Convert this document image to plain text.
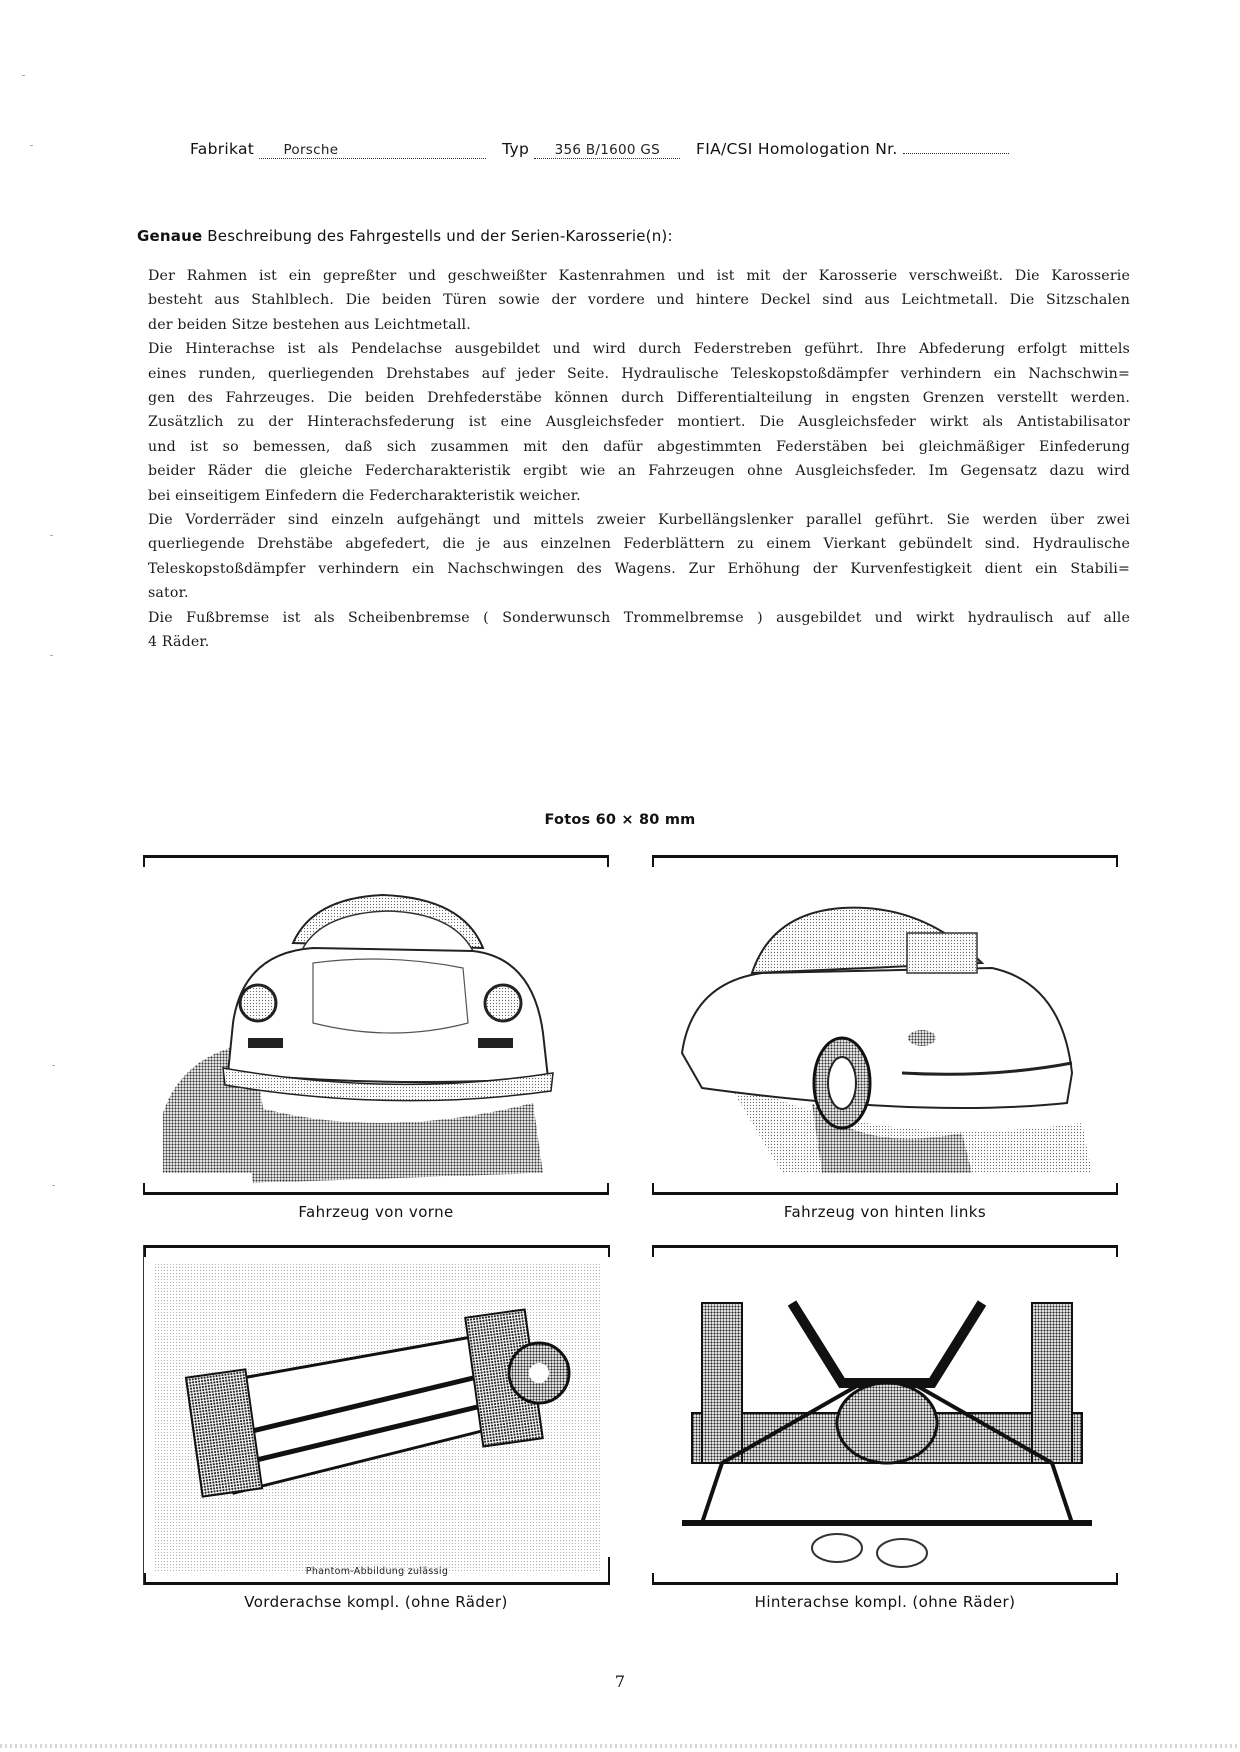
Fabrikat Porsche	Typ 356 B/1600 GS FIA/CSI Homologation Nr.
Genaue Beschreibung des Fahrgestells und der Serien-Karosserie(n):
Der Rahmen ist ein gepreßter und geschweißter Kastenrahmen und ist mit der Karosserie verschweißt. Die Karosserie
besteht aus Stahlblech. Die beiden Türen sowie der vordere und hintere Deckel sind aus Leichtmetall. Die Sitzschalen
der beiden Sitze bestehen aus Leichtmetall.
Die Hinterachse ist als Pendelachse ausgebildet und wird durch Federstreben geführt. Ihre Abfederung erfolgt mittels
eines runden, querliegenden Drehstabes auf jeder Seite. Hydraulische Teleskopstoßdämpfer verhindern ein Nachschwin=
gen des Fahrzeuges. Die beiden Drehfederstäbe können durch Differentialteilung in engsten Grenzen verstellt werden.
Zusätzlich zu der Hinterachsfederung ist eine Ausgleichsfeder montiert. Die Ausgleichsfeder wirkt als Antistabilisator
und ist so bemessen, daß sich zusammen mit den dafür abgestimmten Federstäben bei gleichmäßiger Einfederung
beider Räder die gleiche Federcharakteristik ergibt wie an Fahrzeugen ohne Ausgleichsfeder. Im Gegensatz dazu wird
bei einseitigem Einfedern die Federcharakteristik weicher.
Die Vorderräder sind einzeln aufgehängt und mittels zweier Kurbellängslenker parallel geführt. Sie werden über zwei
querliegende Drehstäbe abgefedert, die je aus einzelnen Federblättern zu einem Vierkant gebündelt sind. Hydraulische
Teleskopstoßdämpfer verhindern ein Nachschwingen des Wagens. Zur Erhöhung der Kurvenfestigkeit dient ein Stabili=
sator.
Die Fußbremse ist als Scheibenbremse ( Sonderwunsch Trommelbremse ) ausgebildet und wirkt hydraulisch auf alle
4 Räder.
Fotos 60 × 80 mm
Fahrzeug von vorne	Fahrzeug von hinten links
Phantom-Abbildung zulässig
Vorderachse kompl. (ohne Räder)	Hinterachse kompl. (ohne Räder)
7
